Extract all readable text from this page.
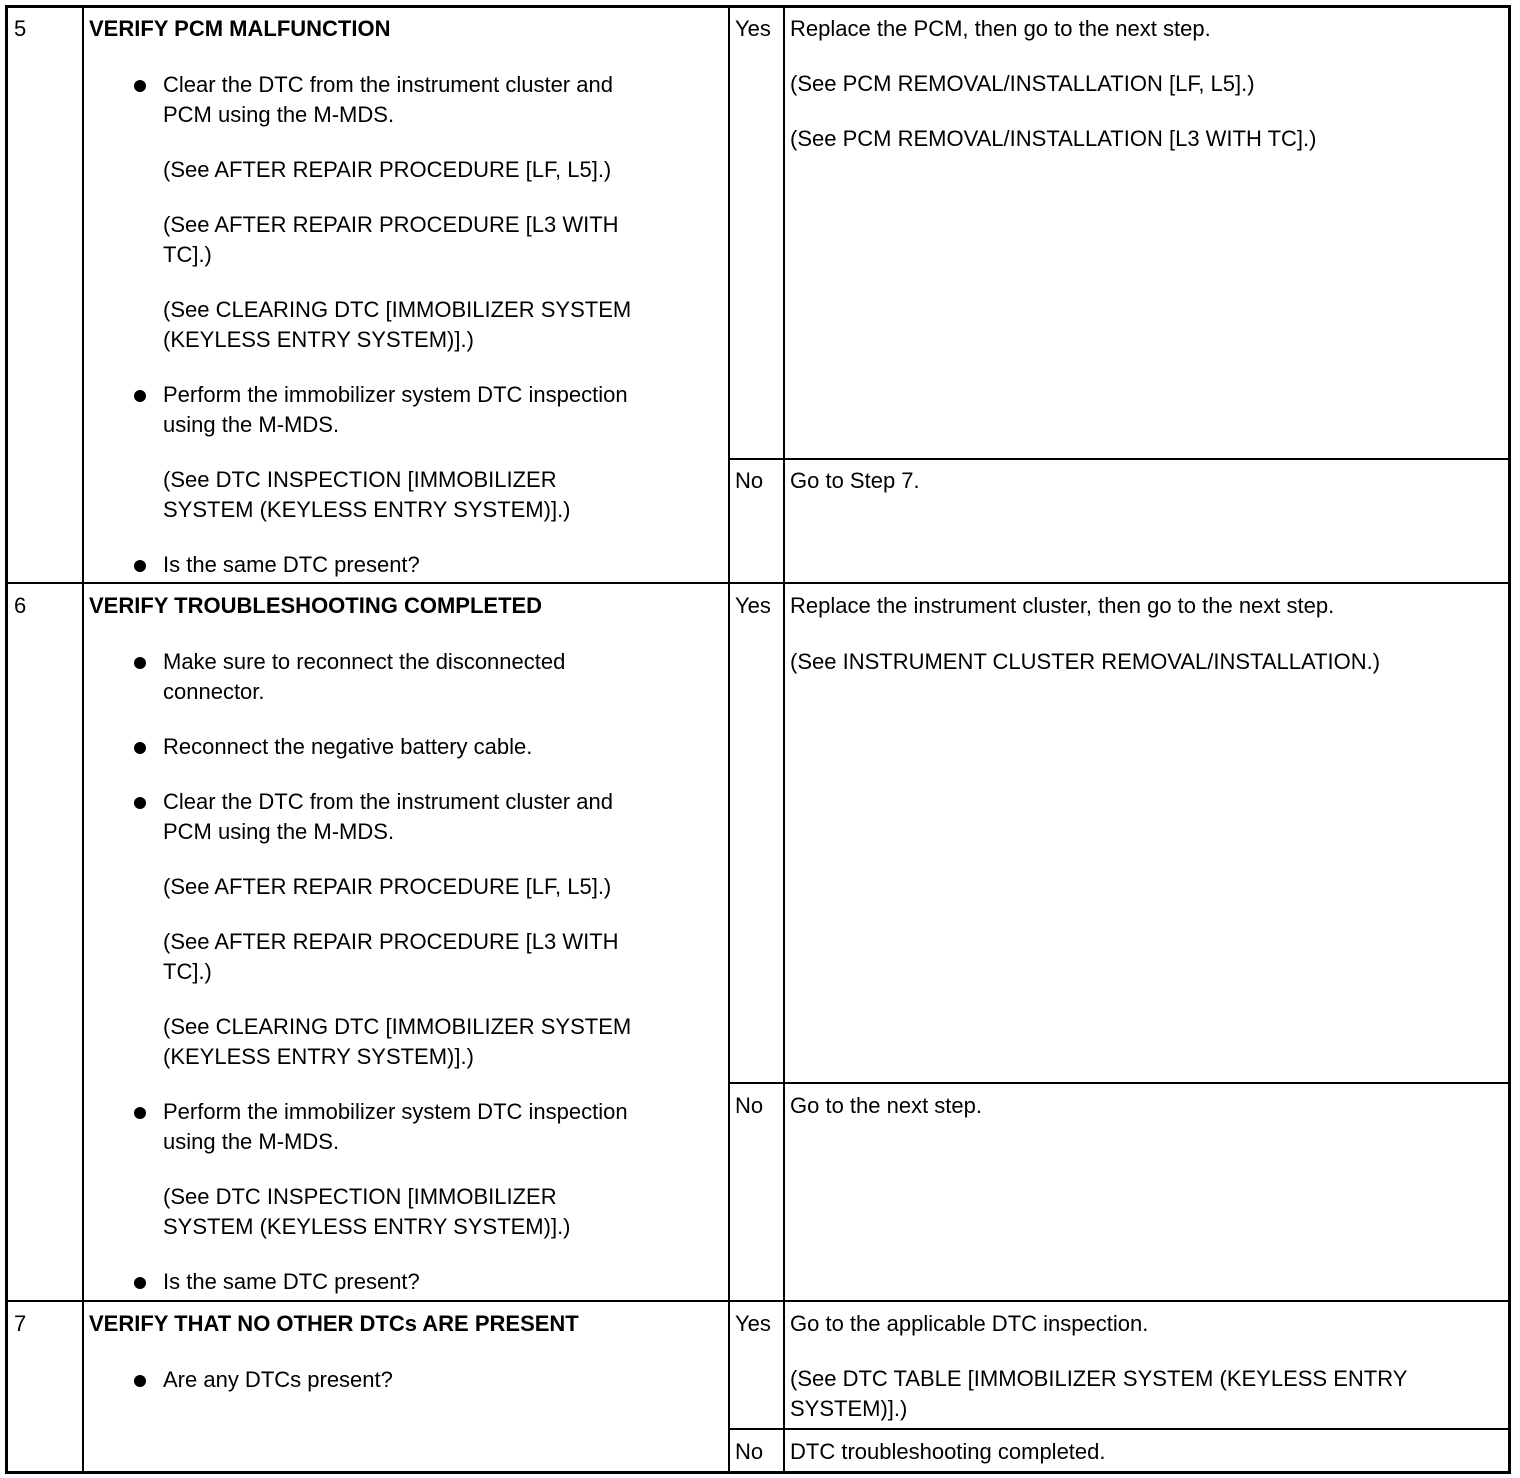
5	VERIFY PCM MALFUNCTION
Clear the DTC from the instrument cluster and
PCM using the M-MDS.
(See AFTER REPAIR PROCEDURE [LF, L5].)
(See AFTER REPAIR PROCEDURE [L3 WITH
TC].)
(See CLEARING DTC [IMMOBILIZER SYSTEM
(KEYLESS ENTRY SYSTEM)].)
Perform the immobilizer system DTC inspection
using the M-MDS.
(See DTC INSPECTION [IMMOBILIZER
SYSTEM (KEYLESS ENTRY SYSTEM)].)
Is the same DTC present?
Yes Replace the PCM, then go to the next step.
(See PCM REMOVAL/INSTALLATION [LF, L5].)
(See PCM REMOVAL/INSTALLATION [L3 WITH TC].)
No Go to Step 7.
6	VERIFY TROUBLESHOOTING COMPLETED
Make sure to reconnect the disconnected
connector.
Reconnect the negative battery cable.
Clear the DTC from the instrument cluster and
PCM using the M-MDS.
(See AFTER REPAIR PROCEDURE [LF, L5].)
(See AFTER REPAIR PROCEDURE [L3 WITH
TC].)
(See CLEARING DTC [IMMOBILIZER SYSTEM
(KEYLESS ENTRY SYSTEM)].)
Perform the immobilizer system DTC inspection
using the M-MDS.
(See DTC INSPECTION [IMMOBILIZER
SYSTEM (KEYLESS ENTRY SYSTEM)].)
Is the same DTC present?
Yes Replace the instrument cluster, then go to the next step.
(See INSTRUMENT CLUSTER REMOVAL/INSTALLATION.)
No Go to the next step.
7	VERIFY THAT NO OTHER DTCs ARE PRESENT
Are any DTCs present?
Yes Go to the applicable DTC inspection.
(See DTC TABLE [IMMOBILIZER SYSTEM (KEYLESS ENTRY
SYSTEM)].)
No DTC troubleshooting completed.
